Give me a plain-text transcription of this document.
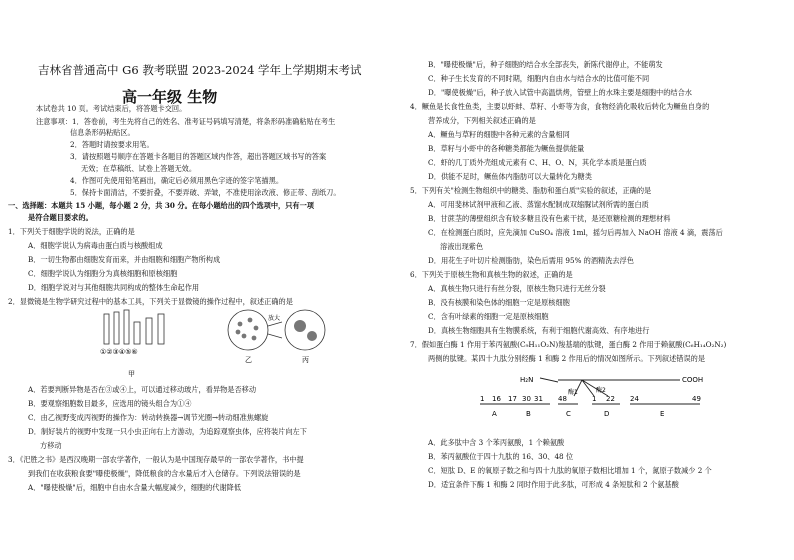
吉林省普通高中 G6 教考联盟 2023-2024 学年上学期期末考试
高一年级 生物
本试卷共 10 页。考试结束后，将答题卡交回。
注意事项：1．答卷前，考生先将自己的姓名、准考证号码填写清楚，将条形码准确粘贴在考生
信息条形码粘贴区。
2．答题时请按要求用笔。
3．请按照题号顺序在答题卡各题目的答题区域内作答，超出答题区域书写的答案
无效；在草稿纸、试卷上答题无效。
4．作图可先使用铅笔画出，确定后必须用黑色字迹的签字笔描黑。
5．保持卡面清洁，不要折叠，不要弄破、弄皱，不准使用涂改液、修正带、刮纸刀。
一、选择题：本题共 15 小题，每小题 2 分，共 30 分。在每小题给出的四个选项中，只有一项
是符合题目要求的。
1．下列关于细胞学说的说法，正确的是
A．细胞学说认为病毒由蛋白质与核酸组成
B．一切生物都由细胞发育而来，并由细胞和细胞产物所构成
C．细胞学说认为细胞分为真核细胞和原核细胞
D．细胞学说对与其他细胞共同构成的整体生命起作用
2．显微镜是生物学研究过程中的基本工具，下列关于显微镜的操作过程中，叙述正确的是
①②③④⑤⑥
放大
甲
乙	丙
A．若要判断异物是否在③或④上，可以通过移动玻片，看异物是否移动
B．要观察细胞数目最多，应选用的镜头组合为①④
C．由乙视野变成丙视野的操作为：转动转换器→调节光圈→转动细准焦螺旋
D．制好装片的视野中发现一只小虫正向右上方游动，为追踪观察虫体，应将装片向左下
方移动
3．《汜胜之书》是西汉晚期一部农学著作，一般认为是中国现存最早的一部农学著作，书中提
到我们在收获粮食要"曝使极燥"，降低粮食的含水量后才入仓储存。下列说法错误的是
A．"曝使极燥"后，细胞中自由水含量大幅度减少，细胞的代谢降低
B．"曝使极燥"后，种子细胞的结合水全部丧失，新陈代谢停止，不能萌发
C．种子生长发育的不同时期，细胞内自由水与结合水的比值可能不同
D．"曝使极燥"后，种子放入试管中高温烘烤，管壁上的水珠主要是细胞中的结合水
4．鳜鱼是长食性鱼类，主要以虾蚌、草籽、小虾等为食，食物经消化吸收后转化为鳜鱼自身的
营养成分，下列相关叙述正确的是
A．鳜鱼与草籽的细胞中各种元素的含量相同
B．草籽与小虾中的各种糖类都能为鳜鱼提供能量
C．虾的几丁质外壳组成元素有 C、H、O、N，其化学本质是蛋白质
D．供能不足时，鳜鱼体内脂肪可以大量转化为糖类
5．下列有关"检测生物组织中的糖类、脂肪和蛋白质"实验的叙述，正确的是
A．可用斐林试剂甲液和乙液、蒸馏水配制成双缩脲试剂所需的蛋白质
B．甘蔗茎的薄壁组织含有较多糖且没有色素干扰，是还原糖检测的理想材料
C．在检测蛋白质时，应先滴加 CuSO₄ 溶液 1ml，摇匀后再加入 NaOH 溶液 4 滴，震荡后
溶液出现紫色
D．用花生子叶切片检测脂肪，染色后需用 95% 的酒精洗去浮色
6．下列关于原核生物和真核生物的叙述，正确的是
A．真核生物只进行有丝分裂，原核生物只进行无丝分裂
B．没有核膜和染色体的细胞一定是原核细胞
C．含有叶绿素的细胞一定是原核细胞
D．真核生物细胞具有生物膜系统，有利于细胞代谢高效、有序地进行
7．假如蛋白酶 1 作用于苯丙氨酸(C₉H₁₁O₂N)羧基端的肽键，蛋白酶 2 作用于赖氨酸(C₆H₁₄O₂N₂)
两侧的肽键。某四十九肽分别经酶 1 和酶 2 作用后的情况如图所示。下列叙述错误的是
H₂N	COOH
酶1	酶2
1 16 17 30 31 48	1 22 24	49
A	B	C	D	E
A．此多肽中含 3 个苯丙氨酸，1 个赖氨酸
B．苯丙氨酸位于四十九肽的 16、30、48 位
C．短肽 D、E 的氧原子数之和与四十九肽的氧原子数相比增加 1 个，氮原子数减少 2 个
D．适宜条件下酶 1 和酶 2 同时作用于此多肽，可形成 4 条短肽和 2 个氨基酸
